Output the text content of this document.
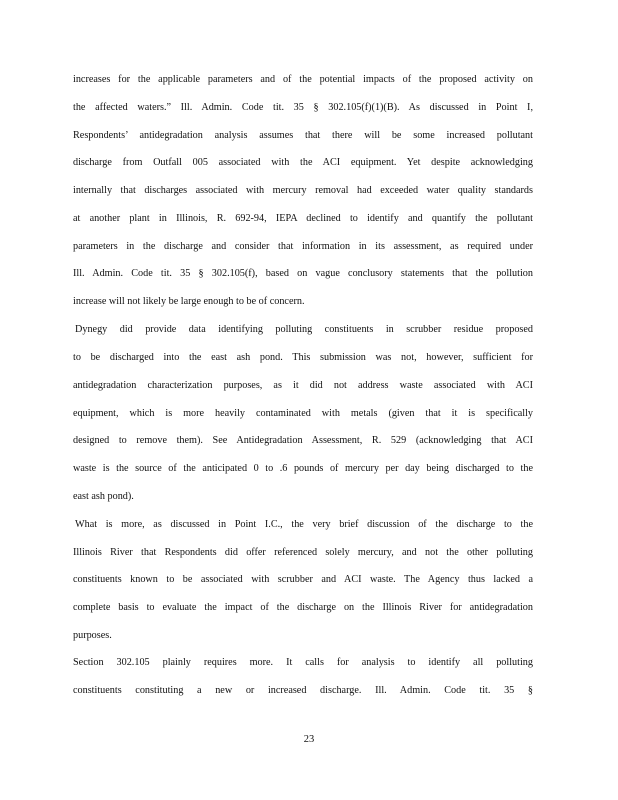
increases for the applicable parameters and of the potential impacts of the proposed activity on
the affected waters.” Ill. Admin. Code tit. 35 § 302.105(f)(1)(B). As discussed in Point I,
Respondents’ antidegradation analysis assumes that there will be some increased pollutant
discharge from Outfall 005 associated with the ACI equipment. Yet despite acknowledging
internally that discharges associated with mercury removal had exceeded water quality standards
at another plant in Illinois, R. 692-94, IEPA declined to identify and quantify the pollutant
parameters in the discharge and consider that information in its assessment, as required under
Ill. Admin. Code tit. 35 § 302.105(f), based on vague conclusory statements that the pollution
increase will not likely be large enough to be of concern.
Dynegy did provide data identifying polluting constituents in scrubber residue proposed
to be discharged into the east ash pond. This submission was not, however, sufficient for
antidegradation characterization purposes, as it did not address waste associated with ACI
equipment, which is more heavily contaminated with metals (given that it is specifically
designed to remove them). See Antidegradation Assessment, R. 529 (acknowledging that ACI
waste is the source of the anticipated 0 to .6 pounds of mercury per day being discharged to the
east ash pond).
What is more, as discussed in Point I.C., the very brief discussion of the discharge to the
Illinois River that Respondents did offer referenced solely mercury, and not the other polluting
constituents known to be associated with scrubber and ACI waste. The Agency thus lacked a
complete basis to evaluate the impact of the discharge on the Illinois River for antidegradation
purposes.
Section 302.105 plainly requires more. It calls for analysis to identify all polluting
constituents constituting a new or increased discharge. Ill. Admin. Code tit. 35 §
23
